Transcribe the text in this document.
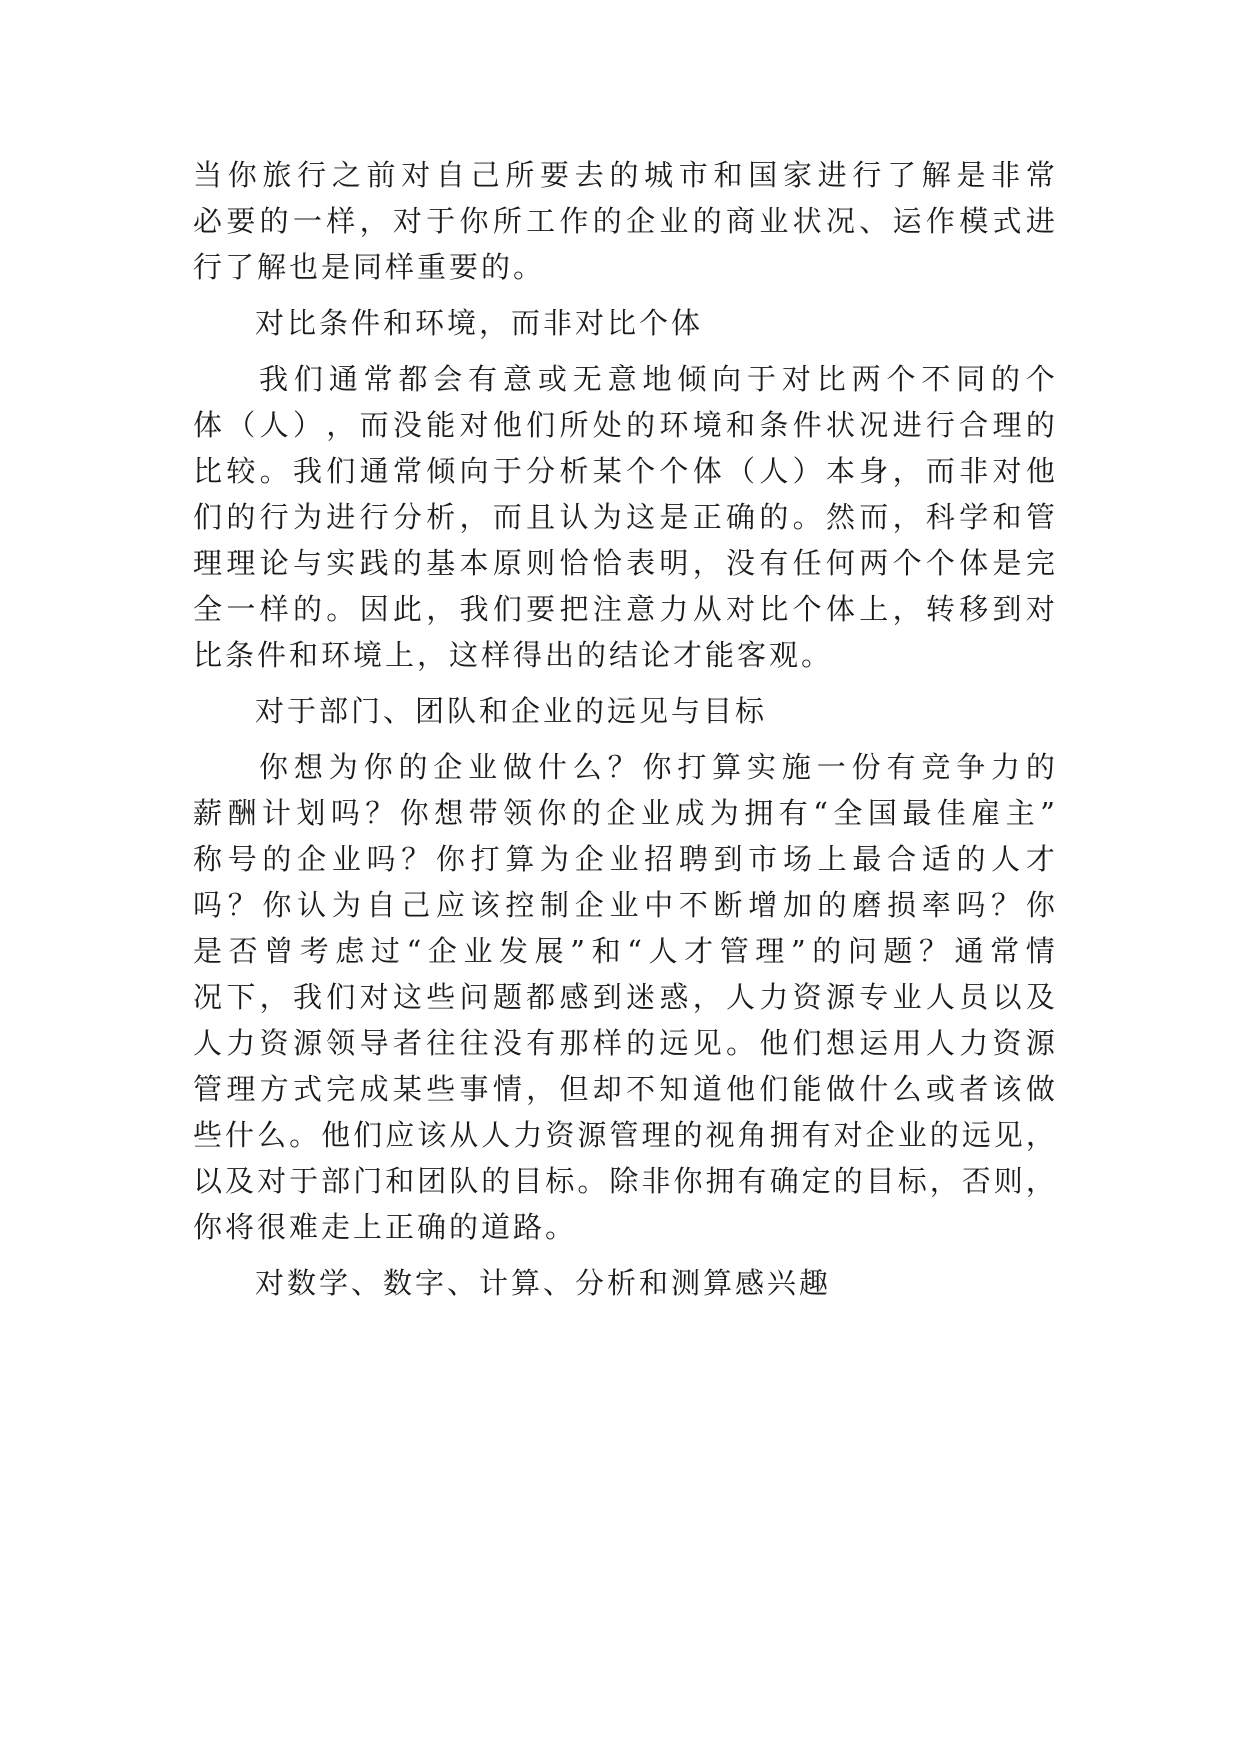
当 你 旅 行 之 前 对 自 己 所 要 去 的 城 市 和 国 家 进 行 了 解 是 非 常
必 要 的 一 样 ， 对 于 你 所 工 作 的 企 业 的 商 业 状 况 、 运 作 模 式 进
行了解也是同样重要的。
对比条件和环境，而非对比个体
我 们 通 常 都 会 有 意 或 无 意 地 倾 向 于 对 比 两 个 不 同 的 个
体 （ 人 ） ， 而 没 能 对 他 们 所 处 的 环 境 和 条 件 状 况 进 行 合 理 的
比 较 。 我 们 通 常 倾 向 于 分 析 某 个 个 体 （ 人 ） 本 身 ， 而 非 对 他
们 的 行 为 进 行 分 析 ， 而 且 认 为 这 是 正 确 的 。 然 而 ， 科 学 和 管
理 理 论 与 实 践 的 基 本 原 则 恰 恰 表 明 ， 没 有 任 何 两 个 个 体 是 完
全 一 样 的 。 因 此 ， 我 们 要 把 注 意 力 从 对 比 个 体 上 ， 转 移 到 对
比条件和环境上，这样得出的结论才能客观。
对于部门、团队和企业的远见与目标
你 想 为 你 的 企 业 做 什 么 ？ 你 打 算 实 施 一 份 有 竞 争 力 的
薪 酬 计 划 吗 ？ 你 想 带 领 你 的 企 业 成 为 拥 有 “ 全 国 最 佳 雇 主 ”
称 号 的 企 业 吗 ？ 你 打 算 为 企 业 招 聘 到 市 场 上 最 合 适 的 人 才
吗 ？ 你 认 为 自 己 应 该 控 制 企 业 中 不 断 增 加 的 磨 损 率 吗 ？ 你
是 否 曾 考 虑 过 “ 企 业 发 展 ” 和 “ 人 才 管 理 ” 的 问 题 ？ 通 常 情
况 下 ， 我 们 对 这 些 问 题 都 感 到 迷 惑 ， 人 力 资 源 专 业 人 员 以 及
人 力 资 源 领 导 者 往 往 没 有 那 样 的 远 见 。 他 们 想 运 用 人 力 资 源
管 理 方 式 完 成 某 些 事 情 ， 但 却 不 知 道 他 们 能 做 什 么 或 者 该 做
些 什 么 。 他 们 应 该 从 人 力 资 源 管 理 的 视 角 拥 有 对 企 业 的 远 见 ，
以 及 对 于 部 门 和 团 队 的 目 标 。 除 非 你 拥 有 确 定 的 目 标 ， 否 则 ，
你将很难走上正确的道路。
对数学、数字、计算、分析和测算感兴趣
